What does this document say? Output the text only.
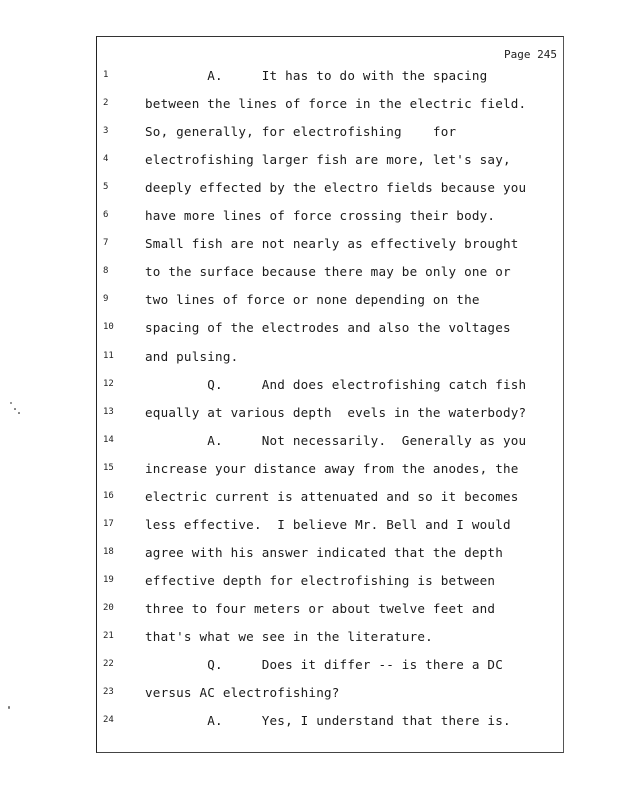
Page 245
1	A.     It has to do with the spacing
2	between the lines of force in the electric field.
3	So, generally, for electrofishing    for
4	electrofishing larger fish are more, let's say,
5	deeply effected by the electro fields because you
6	have more lines of force crossing their body.
7	Small fish are not nearly as effectively brought
8	to the surface because there may be only one or
9	two lines of force or none depending on the
10	spacing of the electrodes and also the voltages
11	and pulsing.
12	Q.     And does electrofishing catch fish
13	equally at various depth  evels in the waterbody?
14	A.     Not necessarily.  Generally as you
15	increase your distance away from the anodes, the
16	electric current is attenuated and so it becomes
17	less effective.  I believe Mr. Bell and I would
18	agree with his answer indicated that the depth
19	effective depth for electrofishing is between
20	three to four meters or about twelve feet and
21	that's what we see in the literature.
22	Q.     Does it differ -- is there a DC
23	versus AC electrofishing?
24	A.     Yes, I understand that there is.
